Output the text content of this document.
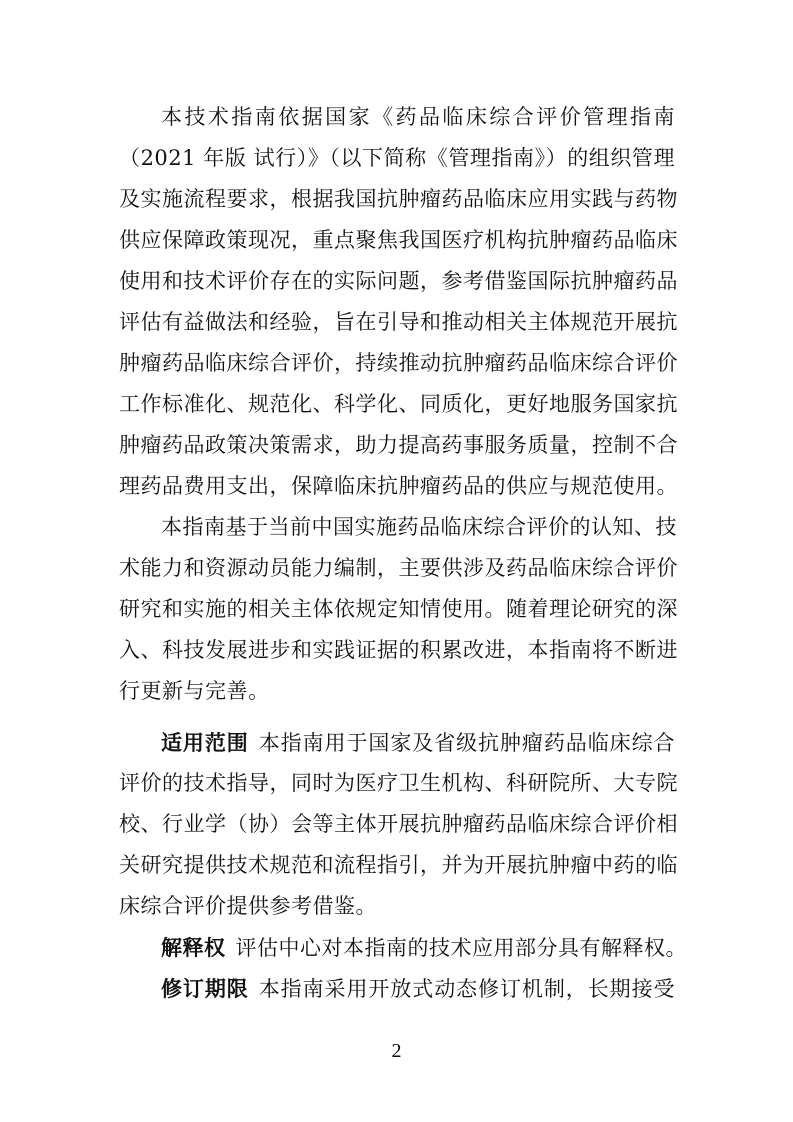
本技术指南依据国家《药品临床综合评价管理指南
（2021 年版 试行）》（以下简称《管理指南》）的组织管理
及实施流程要求，根据我国抗肿瘤药品临床应用实践与药物
供应保障政策现况，重点聚焦我国医疗机构抗肿瘤药品临床
使用和技术评价存在的实际问题，参考借鉴国际抗肿瘤药品
评估有益做法和经验，旨在引导和推动相关主体规范开展抗
肿瘤药品临床综合评价，持续推动抗肿瘤药品临床综合评价
工作标准化、规范化、科学化、同质化，更好地服务国家抗
肿瘤药品政策决策需求，助力提高药事服务质量，控制不合
理药品费用支出，保障临床抗肿瘤药品的供应与规范使用。
本指南基于当前中国实施药品临床综合评价的认知、技
术能力和资源动员能力编制，主要供涉及药品临床综合评价
研究和实施的相关主体依规定知情使用。随着理论研究的深
入、科技发展进步和实践证据的积累改进，本指南将不断进
行更新与完善。
适用范围 本指南用于国家及省级抗肿瘤药品临床综合
评价的技术指导，同时为医疗卫生机构、科研院所、大专院
校、行业学（协）会等主体开展抗肿瘤药品临床综合评价相
关研究提供技术规范和流程指引，并为开展抗肿瘤中药的临
床综合评价提供参考借鉴。
解释权 评估中心对本指南的技术应用部分具有解释权。
修订期限 本指南采用开放式动态修订机制，长期接受
2
